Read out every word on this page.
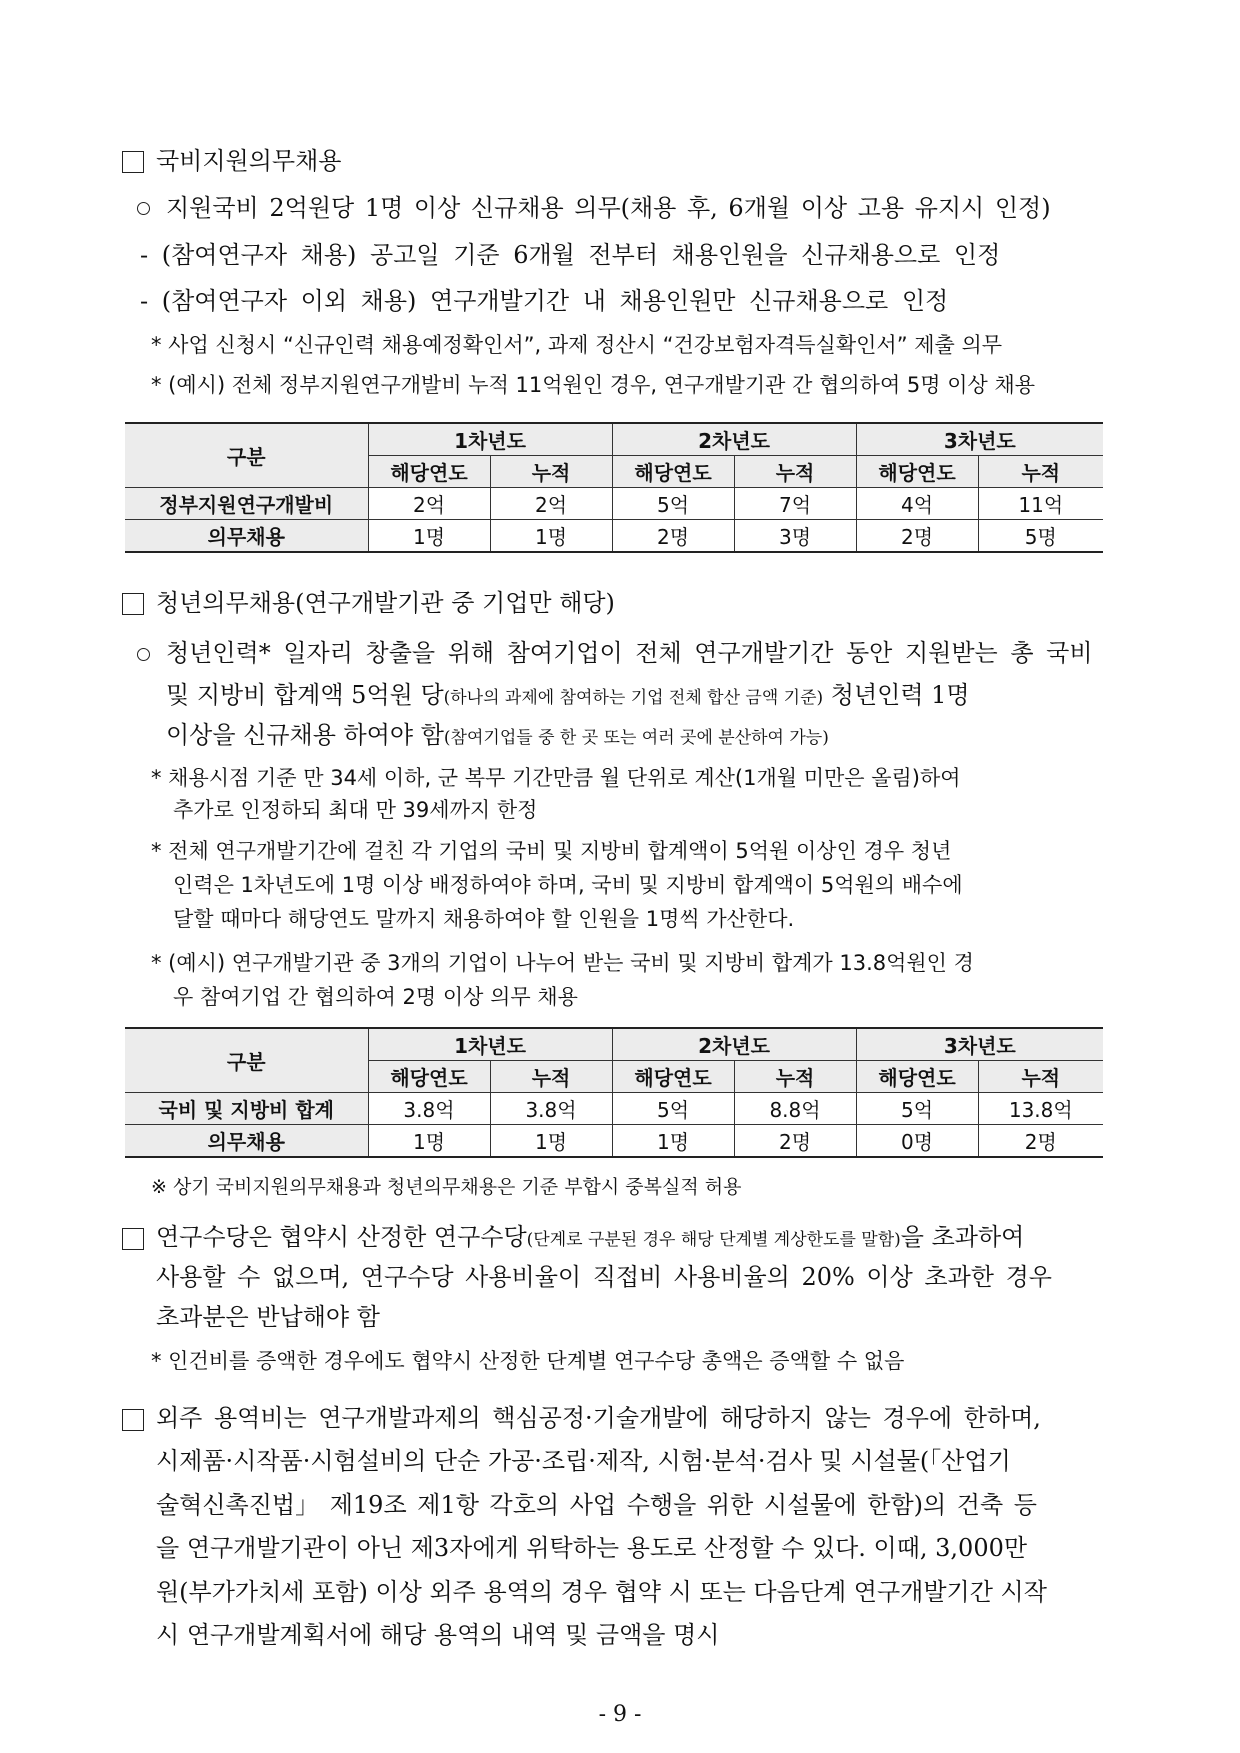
국비지원의무채용
지원국비 2억원당 1명 이상 신규채용 의무(채용 후, 6개월 이상 고용 유지시 인정)
- (참여연구자 채용) 공고일 기준 6개월 전부터 채용인원을 신규채용으로 인정
- (참여연구자 이외 채용) 연구개발기간 내 채용인원만 신규채용으로 인정
* 사업 신청시 “신규인력 채용예정확인서”, 과제 정산시 “건강보험자격득실확인서” 제출 의무
* (예시) 전체 정부지원연구개발비 누적 11억원인 경우, 연구개발기관 간 협의하여 5명 이상 채용
구분	1차년도		2차년도		3차년도	
	해당연도	누적	해당연도	누적	해당연도	누적
정부지원연구개발비	2억	2억	5억	7억	4억	11억
의무채용	1명	1명	2명	3명	2명	5명
청년의무채용(연구개발기관 중 기업만 해당)
청년인력* 일자리 창출을 위해 참여기업이 전체 연구개발기간 동안 지원받는 총 국비
및 지방비 합계액 5억원 당(하나의 과제에 참여하는 기업 전체 합산 금액 기준) 청년인력 1명
이상을 신규채용 하여야 함(참여기업들 중 한 곳 또는 여러 곳에 분산하여 가능)
* 채용시점 기준 만 34세 이하, 군 복무 기간만큼 월 단위로 계산(1개월 미만은 올림)하여
추가로 인정하되 최대 만 39세까지 한정
* 전체 연구개발기간에 걸친 각 기업의 국비 및 지방비 합계액이 5억원 이상인 경우 청년
인력은 1차년도에 1명 이상 배정하여야 하며, 국비 및 지방비 합계액이 5억원의 배수에
달할 때마다 해당연도 말까지 채용하여야 할 인원을 1명씩 가산한다.
* (예시) 연구개발기관 중 3개의 기업이 나누어 받는 국비 및 지방비 합계가 13.8억원인 경
우 참여기업 간 협의하여 2명 이상 의무 채용
구분	1차년도		2차년도		3차년도	
	해당연도	누적	해당연도	누적	해당연도	누적
국비 및 지방비 합계	3.8억	3.8억	5억	8.8억	5억	13.8억
의무채용	1명	1명	1명	2명	0명	2명
※ 상기 국비지원의무채용과 청년의무채용은 기준 부합시 중복실적 허용
연구수당은 협약시 산정한 연구수당(단계로 구분된 경우 해당 단계별 계상한도를 말함)을 초과하여
사용할 수 없으며, 연구수당 사용비율이 직접비 사용비율의 20% 이상 초과한 경우
초과분은 반납해야 함
* 인건비를 증액한 경우에도 협약시 산정한 단계별 연구수당 총액은 증액할 수 없음
외주 용역비는 연구개발과제의 핵심공정·기술개발에 해당하지 않는 경우에 한하며,
시제품·시작품·시험설비의 단순 가공·조립·제작, 시험·분석·검사 및 시설물(「산업기
술혁신촉진법」 제19조 제1항 각호의 사업 수행을 위한 시설물에 한함)의 건축 등
을 연구개발기관이 아닌 제3자에게 위탁하는 용도로 산정할 수 있다. 이때, 3,000만
원(부가가치세 포함) 이상 외주 용역의 경우 협약 시 또는 다음단계 연구개발기간 시작
시 연구개발계획서에 해당 용역의 내역 및 금액을 명시
- 9 -
